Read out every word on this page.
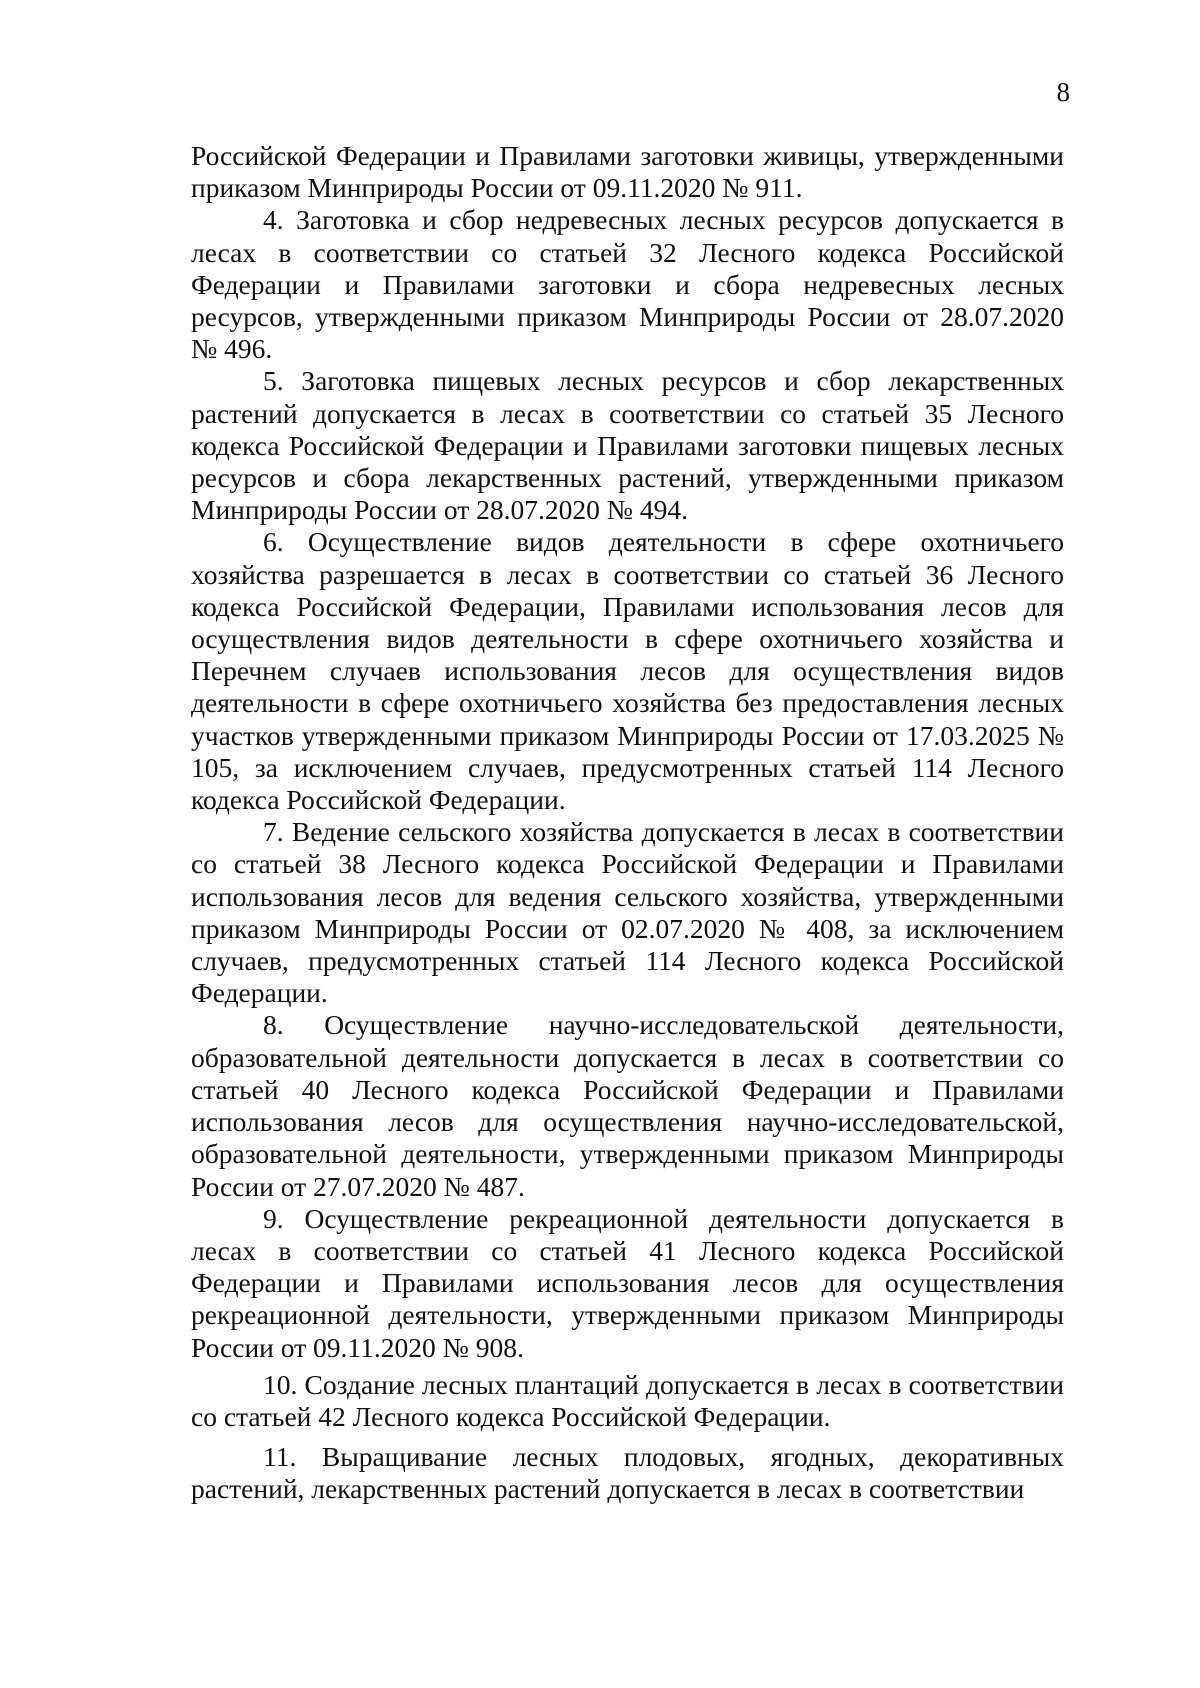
8

Российской Федерации и Правилами заготовки живицы, утвержденными приказом Минприроды России от 09.11.2020 № 911.

4. Заготовка и сбор недревесных лесных ресурсов допускается в лесах в соответствии со статьей 32 Лесного кодекса Российской Федерации и Правилами заготовки и сбора недревесных лесных ресурсов, утвержденными приказом Минприроды России от 28.07.2020 № 496.

5. Заготовка пищевых лесных ресурсов и сбор лекарственных растений допускается в лесах в соответствии со статьей 35 Лесного кодекса Российской Федерации и Правилами заготовки пищевых лесных ресурсов и сбора лекарственных растений, утвержденными приказом Минприроды России от 28.07.2020 № 494.

6. Осуществление видов деятельности в сфере охотничьего хозяйства разрешается в лесах в соответствии со статьей 36 Лесного кодекса Российской Федерации, Правилами использования лесов для осуществления видов деятельности в сфере охотничьего хозяйства и Перечнем случаев использования лесов для осуществления видов деятельности в сфере охотничьего хозяйства без предоставления лесных участков утвержденными приказом Минприроды России от 17.03.2025 № 105, за исключением случаев, предусмотренных статьей 114 Лесного кодекса Российской Федерации.

7. Ведение сельского хозяйства допускается в лесах в соответствии со статьей 38 Лесного кодекса Российской Федерации и Правилами использования лесов для ведения сельского хозяйства, утвержденными приказом Минприроды России от 02.07.2020 № 408, за исключением случаев, предусмотренных статьей 114 Лесного кодекса Российской Федерации.

8. Осуществление научно-исследовательской деятельности, образовательной деятельности допускается в лесах в соответствии со статьей 40 Лесного кодекса Российской Федерации и Правилами использования лесов для осуществления научно-исследовательской, образовательной деятельности, утвержденными приказом Минприроды России от 27.07.2020 № 487.

9. Осуществление рекреационной деятельности допускается в лесах в соответствии со статьей 41 Лесного кодекса Российской Федерации и Правилами использования лесов для осуществления рекреационной деятельности, утвержденными приказом Минприроды России от 09.11.2020 № 908.

10. Создание лесных плантаций допускается в лесах в соответствии со статьей 42 Лесного кодекса Российской Федерации.

11. Выращивание лесных плодовых, ягодных, декоративных растений, лекарственных растений допускается в лесах в соответствии
